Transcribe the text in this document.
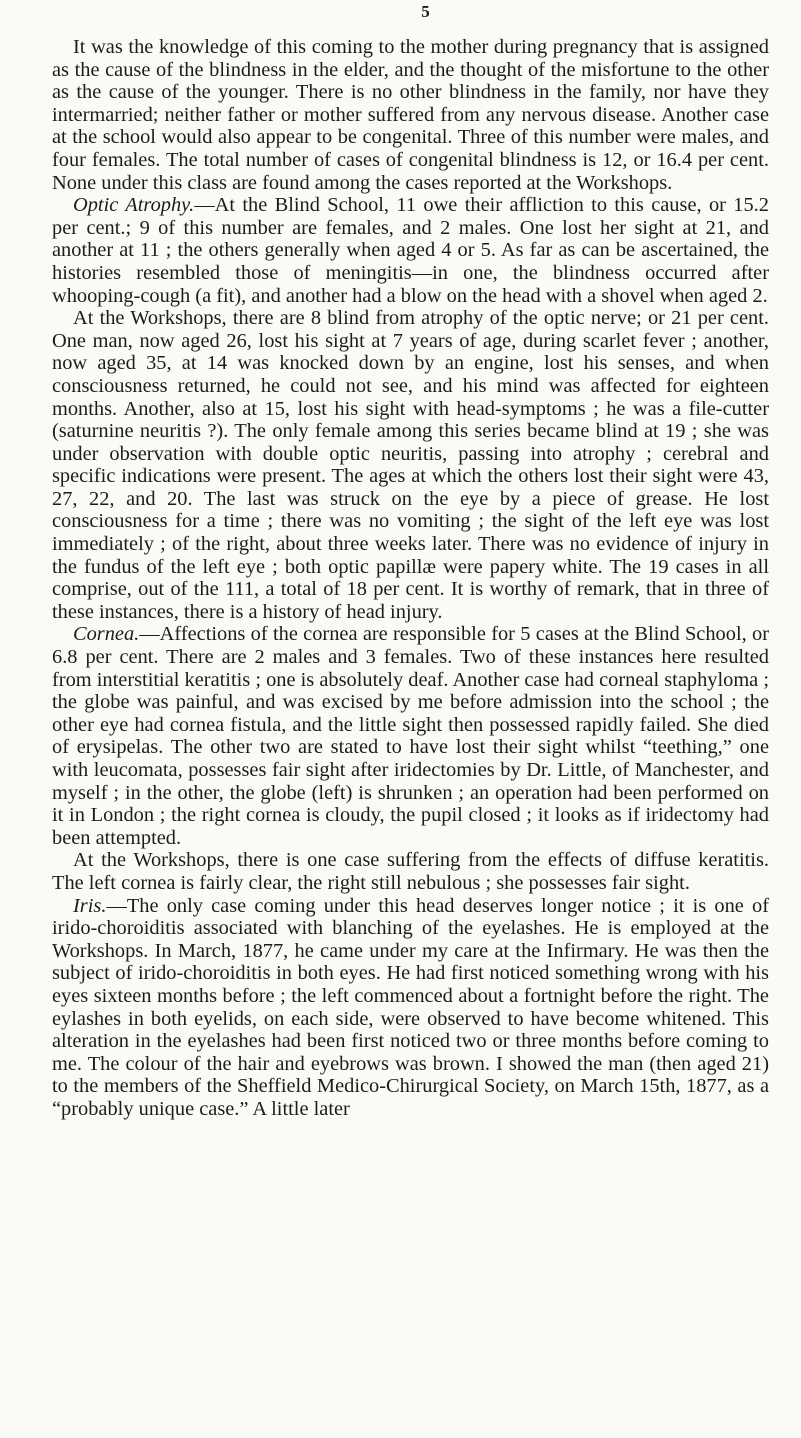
5

It was the knowledge of this coming to the mother during pregnancy that is assigned as the cause of the blindness in the elder, and the thought of the misfortune to the other as the cause of the younger. There is no other blindness in the family, nor have they intermarried; neither father or mother suffered from any nervous disease. Another case at the school would also appear to be congenital. Three of this number were males, and four females. The total number of cases of congenital blindness is 12, or 16.4 per cent. None under this class are found among the cases reported at the Workshops.

Optic Atrophy.—At the Blind School, 11 owe their affliction to this cause, or 15.2 per cent.; 9 of this number are females, and 2 males. One lost her sight at 21, and another at 11 ; the others generally when aged 4 or 5. As far as can be ascertained, the histories resembled those of meningitis—in one, the blindness occurred after whooping-cough (a fit), and another had a blow on the head with a shovel when aged 2.

At the Workshops, there are 8 blind from atrophy of the optic nerve; or 21 per cent. One man, now aged 26, lost his sight at 7 years of age, during scarlet fever ; another, now aged 35, at 14 was knocked down by an engine, lost his senses, and when consciousness returned, he could not see, and his mind was affected for eighteen months. Another, also at 15, lost his sight with head-symptoms ; he was a file-cutter (saturnine neuritis ?). The only female among this series became blind at 19 ; she was under observation with double optic neuritis, passing into atrophy ; cerebral and specific indications were present. The ages at which the others lost their sight were 43, 27, 22, and 20. The last was struck on the eye by a piece of grease. He lost consciousness for a time ; there was no vomiting ; the sight of the left eye was lost immediately ; of the right, about three weeks later. There was no evidence of injury in the fundus of the left eye ; both optic papillæ were papery white. The 19 cases in all comprise, out of the 111, a total of 18 per cent. It is worthy of remark, that in three of these instances, there is a history of head injury.

Cornea.—Affections of the cornea are responsible for 5 cases at the Blind School, or 6.8 per cent. There are 2 males and 3 females. Two of these instances here resulted from interstitial keratitis ; one is absolutely deaf. Another case had corneal staphyloma ; the globe was painful, and was excised by me before admission into the school ; the other eye had cornea fistula, and the little sight then possessed rapidly failed. She died of erysipelas. The other two are stated to have lost their sight whilst “teething,” one with leucomata, possesses fair sight after iridectomies by Dr. Little, of Manchester, and myself ; in the other, the globe (left) is shrunken ; an operation had been performed on it in London ; the right cornea is cloudy, the pupil closed ; it looks as if iridectomy had been attempted.

At the Workshops, there is one case suffering from the effects of diffuse keratitis. The left cornea is fairly clear, the right still nebulous ; she possesses fair sight.

Iris.—The only case coming under this head deserves longer notice ; it is one of irido-choroiditis associated with blanching of the eyelashes. He is employed at the Workshops. In March, 1877, he came under my care at the Infirmary. He was then the subject of irido-choroiditis in both eyes. He had first noticed something wrong with his eyes sixteen months before ; the left commenced about a fortnight before the right. The eylashes in both eyelids, on each side, were observed to have become whitened. This alteration in the eyelashes had been first noticed two or three months before coming to me. The colour of the hair and eyebrows was brown. I showed the man (then aged 21) to the members of the Sheffield Medico-Chirurgical Society, on March 15th, 1877, as a “probably unique case.” A little later
